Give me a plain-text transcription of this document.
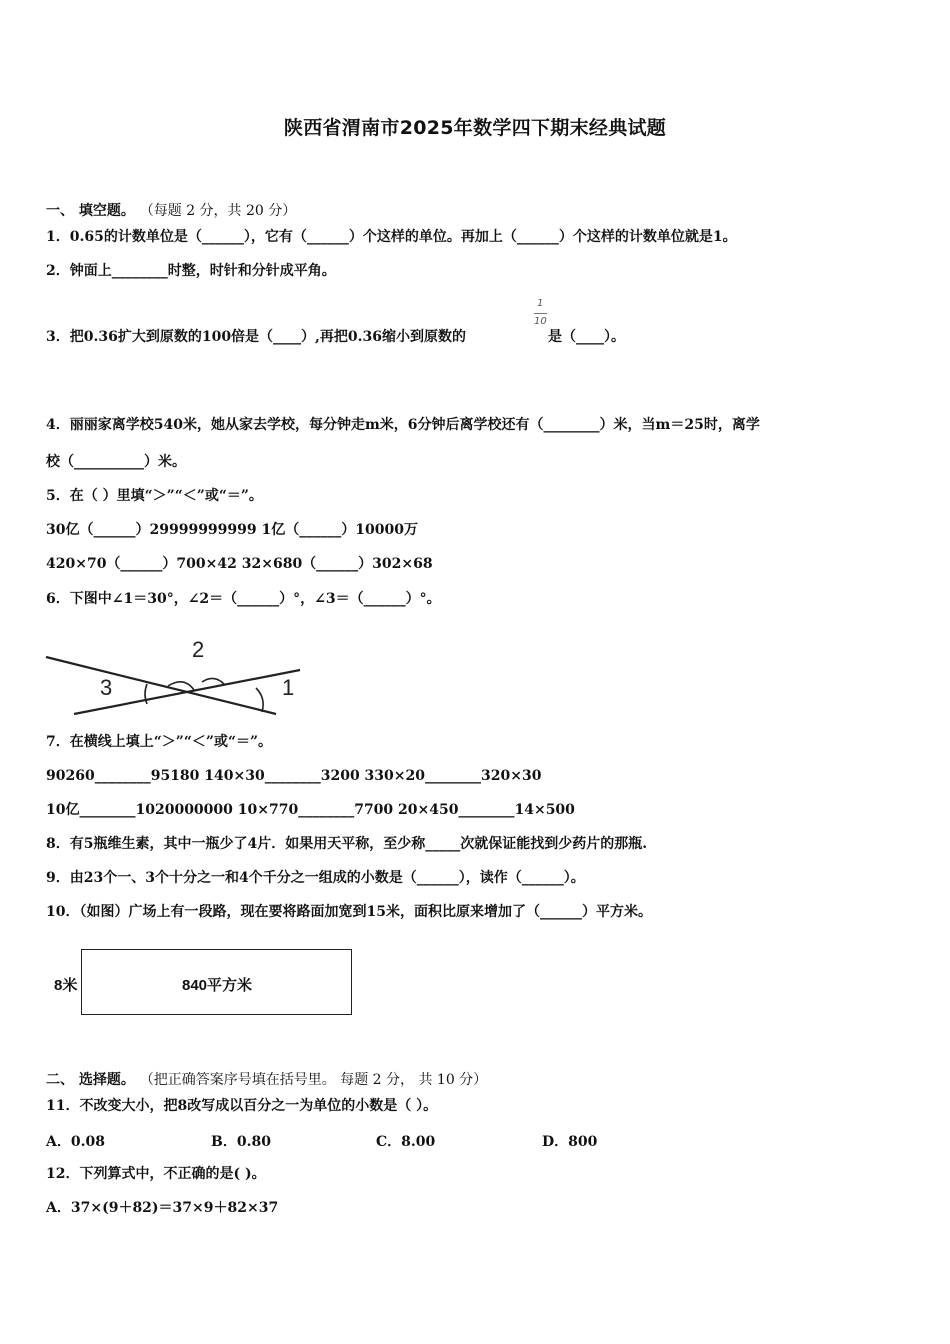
陕西省渭南市2025年数学四下期末经典试题
一、 填空题。 （每题 2 分，共 20 分）
1．0.65的计数单位是（______），它有（______）个这样的单位。再加上（______）个这样的计数单位就是1。
2．钟面上________时整，时针和分针成平角。
3．把0.36扩大到原数的100倍是（____）,再把0.36缩小到原数的
1
10
是（____）。
4．丽丽家离学校540米，她从家去学校，每分钟走m米，6分钟后离学校还有（________）米，当m＝25时，离学
校（__________）米。
5．在（ ）里填“＞”“＜”或“＝”。
30亿（______）29999999999 1亿（______）10000万
420×70（______）700×42 32×680（______）302×68
6．下图中∠1＝30°，∠2＝（______）°，∠3＝（______）°。
2
3	1
7．在横线上填上“＞”“＜”或“＝”。
90260________95180 140×30________3200 330×20________320×30
10亿________1020000000 10×770________7700 20×450________14×500
8．有5瓶维生素，其中一瓶少了4片．如果用天平称，至少称_____次就保证能找到少药片的那瓶.
9．由23个一、3个十分之一和4个千分之一组成的小数是（______），读作（______）。
10．（如图）广场上有一段路，现在要将路面加宽到15米，面积比原来增加了（______）平方米。
8米	840平方米
二、 选择题。 （把正确答案序号填在括号里。 每题 2 分， 共 10 分）
11．不改变大小，把8改写成以百分之一为单位的小数是（ ）。
A．0.08	B．0.80	C．8.00	D．800
12．下列算式中，不正确的是( )。
A．37×(9＋82)＝37×9＋82×37
